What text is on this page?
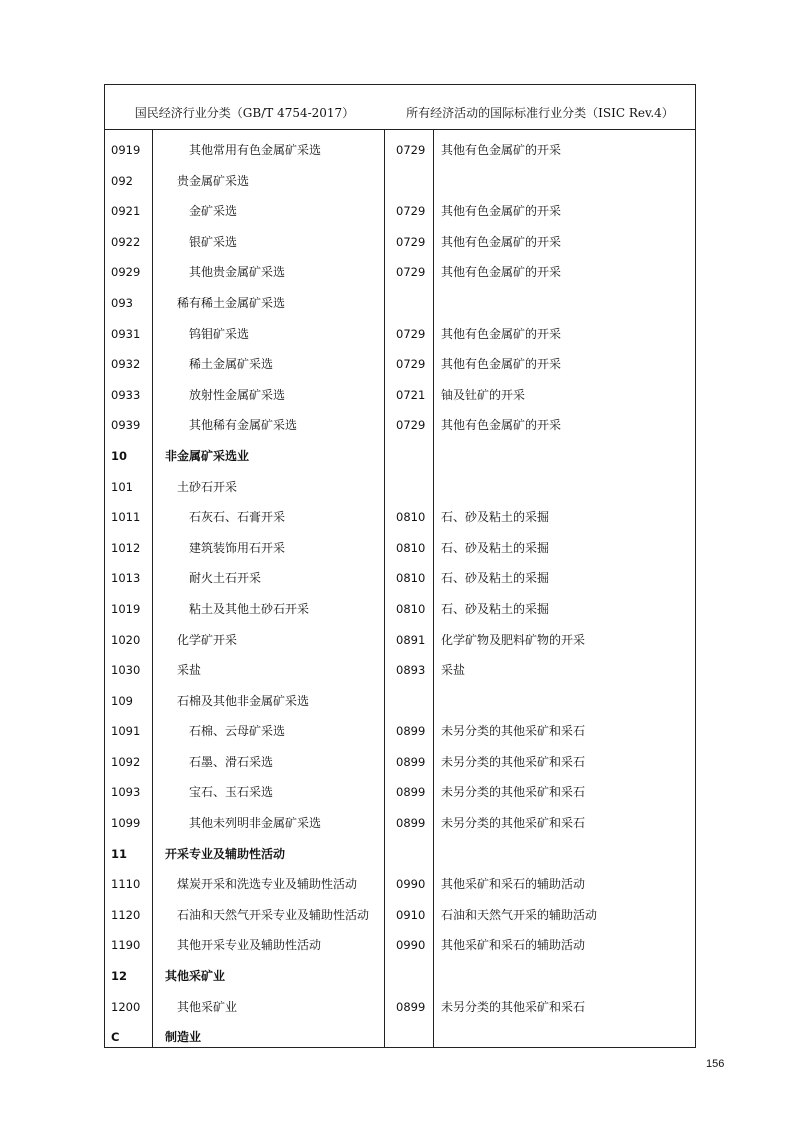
国民经济行业分类（GB/T 4754-2017）	所有经济活动的国际标准行业分类（ISIC Rev.4）
0919	其他常用有色金属矿采选	0729 其他有色金属矿的开采
092	贵金属矿采选
0921	金矿采选	0729 其他有色金属矿的开采
0922	银矿采选	0729 其他有色金属矿的开采
0929	其他贵金属矿采选	0729 其他有色金属矿的开采
093	稀有稀土金属矿采选
0931	钨钼矿采选	0729 其他有色金属矿的开采
0932	稀土金属矿采选	0729 其他有色金属矿的开采
0933	放射性金属矿采选	0721 铀及钍矿的开采
0939	其他稀有金属矿采选	0729 其他有色金属矿的开采
10	非金属矿采选业
101	土砂石开采
1011	石灰石、石膏开采	0810 石、砂及粘土的采掘
1012	建筑装饰用石开采	0810 石、砂及粘土的采掘
1013	耐火土石开采	0810 石、砂及粘土的采掘
1019	粘土及其他土砂石开采	0810 石、砂及粘土的采掘
1020	化学矿开采	0891 化学矿物及肥料矿物的开采
1030	采盐	0893 采盐
109	石棉及其他非金属矿采选
1091	石棉、云母矿采选	0899 未另分类的其他采矿和采石
1092	石墨、滑石采选	0899 未另分类的其他采矿和采石
1093	宝石、玉石采选	0899 未另分类的其他采矿和采石
1099	其他未列明非金属矿采选	0899 未另分类的其他采矿和采石
11	开采专业及辅助性活动
1110	煤炭开采和洗选专业及辅助性活动	0990 其他采矿和采石的辅助活动
1120	石油和天然气开采专业及辅助性活动 0910 石油和天然气开采的辅助活动
1190	其他开采专业及辅助性活动	0990 其他采矿和采石的辅助活动
12	其他采矿业
1200	其他采矿业	0899 未另分类的其他采矿和采石
C	制造业
156
